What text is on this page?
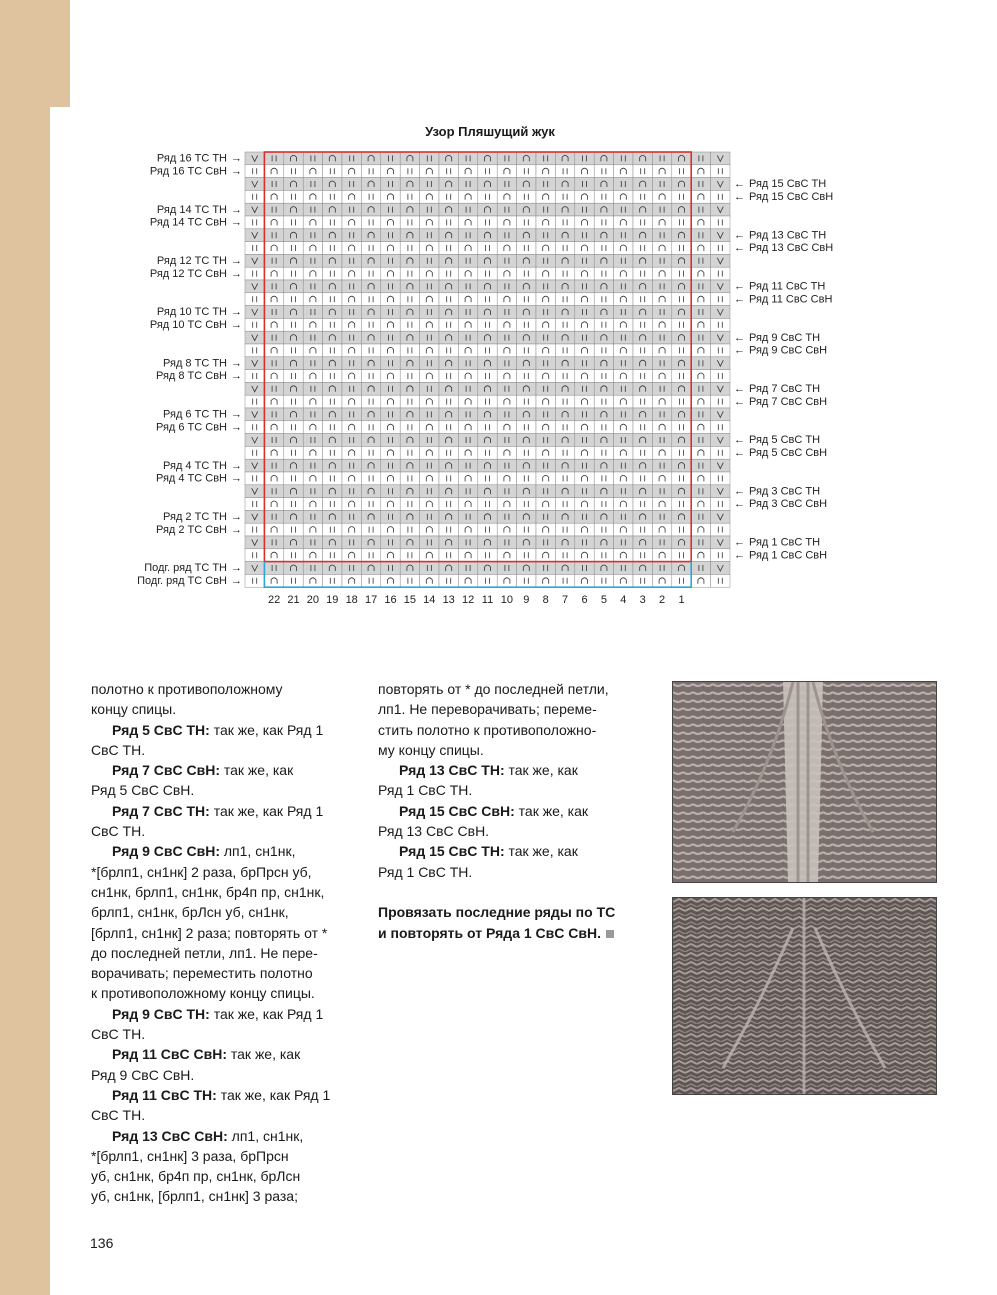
Узор Пляшущий жук
Ряд 16 ТС ТН →
Ряд 16 ТС СвН →
Ряд 14 ТС ТН →
Ряд 14 ТС СвН →
Ряд 12 ТС ТН →
Ряд 12 ТС СвН →
Ряд 10 ТС ТН →
Ряд 10 ТС СвН →
Ряд 8 ТС ТН →
Ряд 8 ТС СвН →
Ряд 6 ТС ТН →
Ряд 6 ТС СвН →
Ряд 4 ТС ТН →
Ряд 4 ТС СвН →
Ряд 2 ТС ТН →
Ряд 2 ТС СвН →
Подг. ряд ТС ТН →
Подг. ряд ТС СвН →
← Ряд 15 СвС ТН
← Ряд 15 СвС СвН
← Ряд 13 СвС ТН
← Ряд 13 СвС СвН
← Ряд 11 СвС ТН
← Ряд 11 СвС СвН
← Ряд 9 СвС ТН
← Ряд 9 СвС СвН
← Ряд 7 СвС ТН
← Ряд 7 СвС СвН
← Ряд 5 СвС ТН
← Ряд 5 СвС СвН
← Ряд 3 СвС ТН
← Ряд 3 СвС СвН
← Ряд 1 СвС ТН
← Ряд 1 СвС СвН
22 21 20 19 18 17 16 15 14 13 12 11 10 9 8 7 6 5 4 3 2 1

полотно к противоположному

концу спицы.

Ряд 5 СвС ТН: так же, как Ряд 1

СвС ТН.

Ряд 7 СвС СвН: так же, как

Ряд 5 СвС СвН.

Ряд 7 СвС ТН: так же, как Ряд 1

СвС ТН.

Ряд 9 СвС СвН: лп1, сн1нк,

*[брлп1, сн1нк] 2 раза, брПрсн уб,

сн1нк, брлп1, сн1нк, бр4п пр, сн1нк,

брлп1, сн1нк, брЛсн уб, сн1нк,

[брлп1, сн1нк] 2 раза; повторять от *

до последней петли, лп1. Не пере-

ворачивать; переместить полотно

к противоположному концу спицы.

Ряд 9 СвС ТН: так же, как Ряд 1

СвС ТН.

Ряд 11 СвС СвН: так же, как

Ряд 9 СвС СвН.

Ряд 11 СвС ТН: так же, как Ряд 1

СвС ТН.

Ряд 13 СвС СвН: лп1, сн1нк,

*[брлп1, сн1нк] 3 раза, брПрсн

уб, сн1нк, бр4п пр, сн1нк, брЛсн

уб, сн1нк, [брлп1, сн1нк] 3 раза;

повторять от * до последней петли,

лп1. Не переворачивать; переме-

стить полотно к противоположно-

му концу спицы.

Ряд 13 СвС ТН: так же, как

Ряд 1 СвС ТН.

Ряд 15 СвС СвН: так же, как

Ряд 13 СвС СвН.

Ряд 15 СвС ТН: так же, как

Ряд 1 СвС ТН.

Провязать последние ряды по ТС

и повторять от Ряда 1 СвС СвН.

136
